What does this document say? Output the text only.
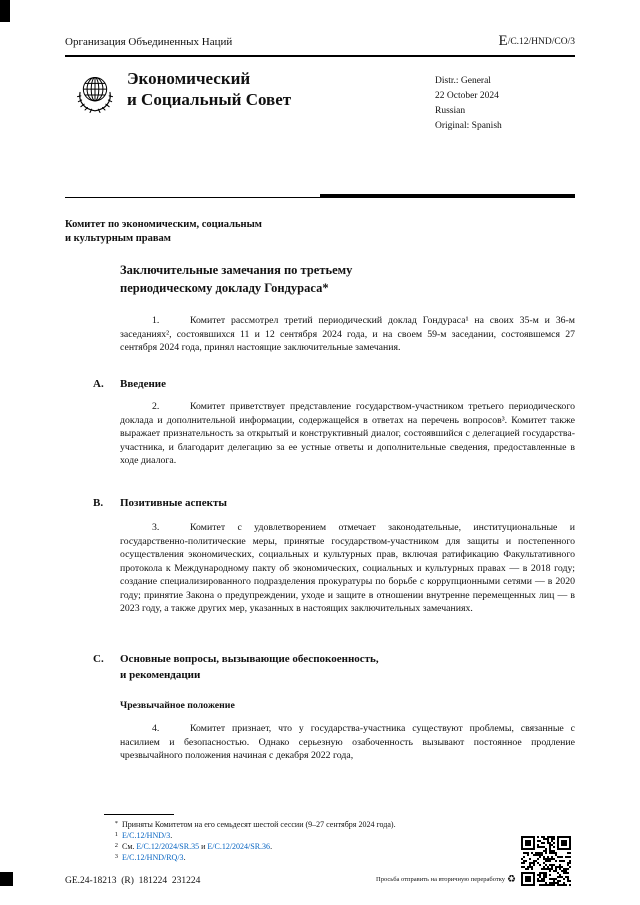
Организация Объединенных Наций	E /C.12/HND/CO/3
Экономический
и Социальный Совет
Distr.: General
22 October 2024
Russian
Original: Spanish
Комитет по экономическим, социальным
и культурным правам
Заключительные замечания по третьему
периодическому докладу Гондураса*

1.	Комитет рассмотрел третий периодический доклад Гондураса¹ на своих 35-м и 36-м заседаниях², состоявшихся 11 и 12 сентября 2024 года, и на своем 59-м заседании, состоявшемся 27 сентября 2024 года, принял настоящие заключительные замечания.

A.	Введение

2.	Комитет приветствует представление государством-участником третьего периодического доклада и дополнительной информации, содержащейся в ответах на перечень вопросов³. Комитет также выражает признательность за открытый и конструктивный диалог, состоявшийся с делегацией государства-участника, и благодарит делегацию за ее устные ответы и дополнительные сведения, предоставленные в ходе диалога.

B.	Позитивные аспекты

3.	Комитет с удовлетворением отмечает законодательные, институциональные и государственно-политические меры, принятые государством-участником для защиты и постепенного осуществления экономических, социальных и культурных прав, включая ратификацию Факультативного протокола к Международному пакту об экономических, социальных и культурных правах — в 2018 году; создание специализированного подразделения прокуратуры по борьбе с коррупционными сетями — в 2020 году; принятие Закона о предупреждении, уходе и защите в отношении внутренне перемещенных лиц — в 2023 году, а также других мер, указанных в настоящих заключительных замечаниях.

C.	Основные вопросы, вызывающие обеспокоенность,
и рекомендации
Чрезвычайное положение

4.	Комитет признает, что у государства-участника существуют проблемы, связанные с насилием и безопасностью. Однако серьезную озабоченность вызывают постоянное продление чрезвычайного положения начиная с декабря 2022 года,

* Приняты Комитетом на его семьдесят шестой сессии (9–27 сентября 2024 года).
1 E/C.12/HND/3.
2 См. E/C.12/2024/SR.35 и E/C.12/2024/SR.36.
3 E/C.12/HND/RQ/3.
GE.24-18213  (R)  181224  231224	Просьба отправить на вторичную переработку ♻
